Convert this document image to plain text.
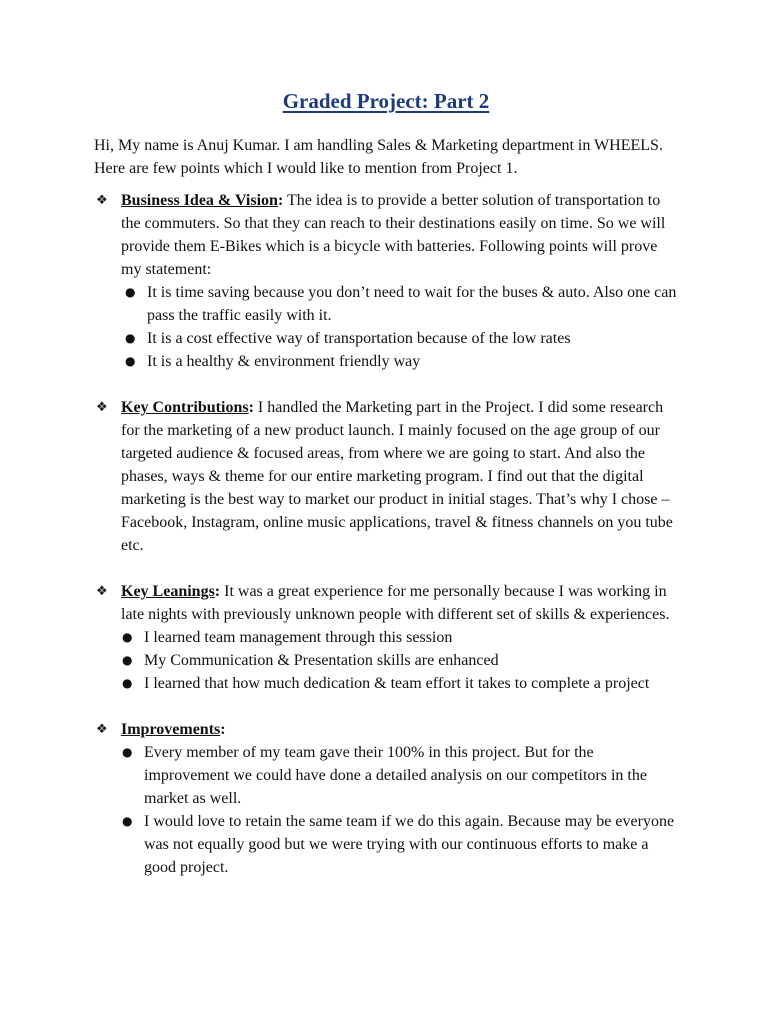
Graded Project: Part 2

Hi, My name is Anuj Kumar. I am handling Sales & Marketing department in WHEELS. Here are few points which I would like to mention from Project 1.

❖ Business Idea & Vision: The idea is to provide a better solution of transportation to the commuters. So that they can reach to their destinations easily on time. So we will provide them E-Bikes which is a bicycle with batteries. Following points will prove my statement:
● It is time saving because you don’t need to wait for the buses & auto. Also one can pass the traffic easily with it.
● It is a cost effective way of transportation because of the low rates
● It is a healthy & environment friendly way
❖ Key Contributions: I handled the Marketing part in the Project. I did some research for the marketing of a new product launch. I mainly focused on the age group of our targeted audience & focused areas, from where we are going to start. And also the phases, ways & theme for our entire marketing program. I find out that the digital marketing is the best way to market our product in initial stages. That’s why I chose – Facebook, Instagram, online music applications, travel & fitness channels on you tube etc.
❖ Key Leanings: It was a great experience for me personally because I was working in late nights with previously unknown people with different set of skills & experiences.
● I learned team management through this session
● My Communication & Presentation skills are enhanced
● I learned that how much dedication & team effort it takes to complete a project
❖ Improvements:
● Every member of my team gave their 100% in this project. But for the improvement we could have done a detailed analysis on our competitors in the market as well.
● I would love to retain the same team if we do this again. Because may be everyone was not equally good but we were trying with our continuous efforts to make a good project.
